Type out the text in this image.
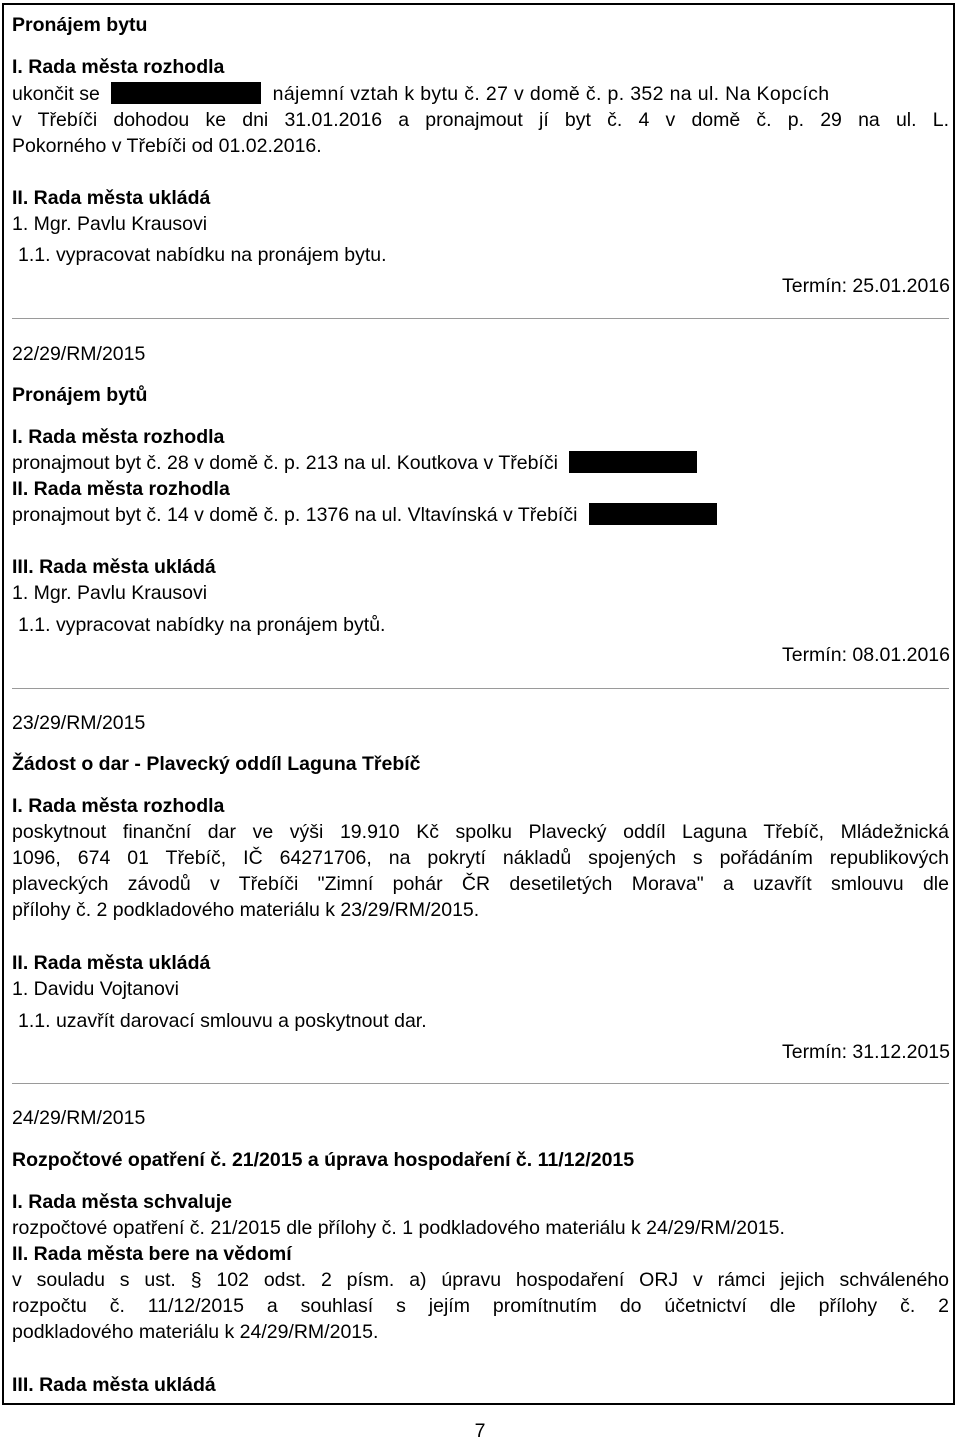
Pronájem bytu
I. Rada města rozhodla
ukončit se	nájemní vztah k bytu č. 27 v domě č. p. 352 na ul. Na Kopcích
v Třebíči dohodou ke dni 31.01.2016 a pronajmout jí byt č. 4 v domě č. p. 29 na ul. L.
Pokorného v Třebíči od 01.02.2016.
II. Rada města ukládá
1. Mgr. Pavlu Krausovi
1.1. vypracovat nabídku na pronájem bytu.
Termín: 25.01.2016
22/29/RM/2015
Pronájem bytů
I. Rada města rozhodla
pronajmout byt č. 28 v domě č. p. 213 na ul. Koutkova v Třebíči
II. Rada města rozhodla
pronajmout byt č. 14 v domě č. p. 1376 na ul. Vltavínská v Třebíči
III. Rada města ukládá
1. Mgr. Pavlu Krausovi
1.1. vypracovat nabídky na pronájem bytů.
Termín: 08.01.2016
23/29/RM/2015
Žádost o dar - Plavecký oddíl Laguna Třebíč
I. Rada města rozhodla
poskytnout finanční dar ve výši 19.910 Kč spolku Plavecký oddíl Laguna Třebíč, Mládežnická
1096, 674 01 Třebíč, IČ 64271706, na pokrytí nákladů spojených s pořádáním republikových
plaveckých závodů v Třebíči "Zimní pohár ČR desetiletých Morava" a uzavřít smlouvu dle
přílohy č. 2 podkladového materiálu k 23/29/RM/2015.
II. Rada města ukládá
1. Davidu Vojtanovi
1.1. uzavřít darovací smlouvu a poskytnout dar.
Termín: 31.12.2015
24/29/RM/2015
Rozpočtové opatření č. 21/2015 a úprava hospodaření č. 11/12/2015
I. Rada města schvaluje
rozpočtové opatření č. 21/2015 dle přílohy č. 1 podkladového materiálu k 24/29/RM/2015.
II. Rada města bere na vědomí
v souladu s ust. § 102 odst. 2 písm. a) úpravu hospodaření ORJ v rámci jejich schváleného
rozpočtu č. 11/12/2015 a souhlasí s jejím promítnutím do účetnictví dle přílohy č. 2
podkladového materiálu k 24/29/RM/2015.
III. Rada města ukládá
7
